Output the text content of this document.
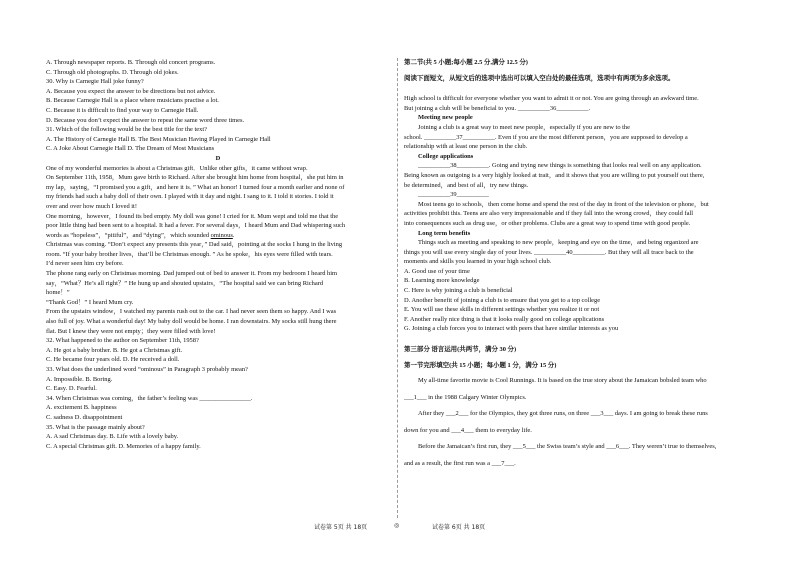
A. Through newspaper reports. B. Through old concert programs.
C. Through old photographs. D. Through old jokes.
30. Why is Carnegie Hall joke funny?
A. Because you expect the answer to be directions but not advice.
B. Because Carnegie Hall is a place where musicians practise a lot.
C. Because it is difficult to find your way to Carnegie Hall.
D. Because you don’t expect the answer to repeat the same word three times.
31. Which of the following would be the best title for the text?
A. The History of Carnegie Hall B. The Best Musician Having Played in Carnegie Hall
C. A Joke About Carnegie Hall D. The Dream of Most Musicians
D
One of my wonderful memories is about a Christmas gift．Unlike other gifts，it came without wrap.
On September 11th, 1958，Mum gave birth to Richard. After she brought him home from hospital，she put him in
my lap，saying，“I promised you a gift，and here it is．” What an honor! I turned four a month earlier and none of
my friends had such a baby doll of their own. I played with it day and night. I sang to it. I told it stories. I told it
over and over how much I loved it!
One morning，however，I found its bed empty. My doll was gone! I cried for it. Mum wept and told me that the
poor little thing had been sent to a hospital. It had a fever. For several days，I heard Mum and Dad whispering such
words as “hopeless”，“pitiful”，and “dying”，which sounded ominous.
Christmas was coming. “Don’t expect any presents this year，” Dad said，pointing at the socks I hung in the living
room. “If your baby brother lives，that’ll be Christmas enough. ” As he spoke，his eyes were filled with tears.
I’d never seen him cry before.
The phone rang early on Christmas morning. Dad jumped out of bed to answer it. From my bedroom I heard him
say，“What？He’s all right？” He hung up and shouted upstairs，“The hospital said we can bring Richard
home！”
“Thank God！” I heard Mum cry.
From the upstairs window，I watched my parents rush out to the car. I had never seen them so happy. And I was
also full of joy. What a wonderful day! My baby doll would be home. I ran downstairs. My socks still hung there
flat. But I knew they were not empty；they were filled with love!
32. What happened to the author on September 11th, 1958?
A. He got a baby brother. B. He got a Christmas gift.
C. He became four years old. D. He received a doll.
33. What does the underlined word “ominous” in Paragraph 3 probably mean?
A. Impossible. B. Boring.
C. Easy. D. Fearful.
34. When Christmas was coming，the father’s feeling was ________________.
A. excitement B. happiness
C. sadness D. disappointment
35. What is the passage mainly about?
A. A sad Christmas day. B. Life with a lovely baby.
C. A special Christmas gift. D. Memories of a happy family.
第二节(共 5 小题;每小题 2.5 分,满分 12.5 分)
阅读下面短文，从短文后的选项中选出可以填入空白处的最佳选项，选项中有两项为多余选项。
High school is difficult for everyone whether you want to admit it or not. You are going through an awkward time.
But joining a club will be beneficial to you. __________36__________.
Meeting new people
Joining a club is a great way to meet new people，especially if you are new to the
school. __________37__________. Even if you are the most different person，you are supposed to develop a
relationship with at least one person in the club.
College applications
__________38__________. Going and trying new things is something that looks real well on any application.
Being known as outgoing is a very highly looked at trait，and it shows that you are willing to put yourself out there,
be determined，and best of all，try new things.
__________39__________
Most teens go to schools，then come home and spend the rest of the day in front of the television or phone，but
activities prohibit this. Teens are also very impressionable and if they fall into the wrong crowd，they could fall
into consequences such as drug use，or other problems. Clubs are a great way to spend time with good people.
Long term benefits
Things such as meeting and speaking to new people，keeping and eye on the time，and being organized are
things you will use every single day of your lives. __________40__________. But they will all trace back to the
moments and skills you learned in your high school club.
A. Good use of your time
B. Learning more knowledge
C. Here is why joining a club is beneficial
D. Another benefit of joining a club is to ensure that you get to a top college
E. You will use these skills in different settings whether you realize it or not
F. Another really nice thing is that it looks really good on college applications
G. Joining a club forces you to interact with peers that have similar interests as you
第三部分 语言运用(共两节，满分 30 分)
第一节完形填空(共 15 小题；每小题 1 分，满分 15 分)
My all-time favorite movie is Cool Runnings. It is based on the true story about the Jamaican bobsled team who
___1___ in the 1988 Calgary Winter Olympics.
After they ___2___ for the Olympics, they got three runs, on three ___3___ days. I am going to break these runs
down for you and ___4___ them to everyday life.
Before the Jamaican’s first run, they ___5___ the Swiss team’s style and ___6___. They weren’t true to themselves,
and as a result, the first run was a ___7___.
试卷第 5页 共 18页	◎	试卷第 6页 共 18页
